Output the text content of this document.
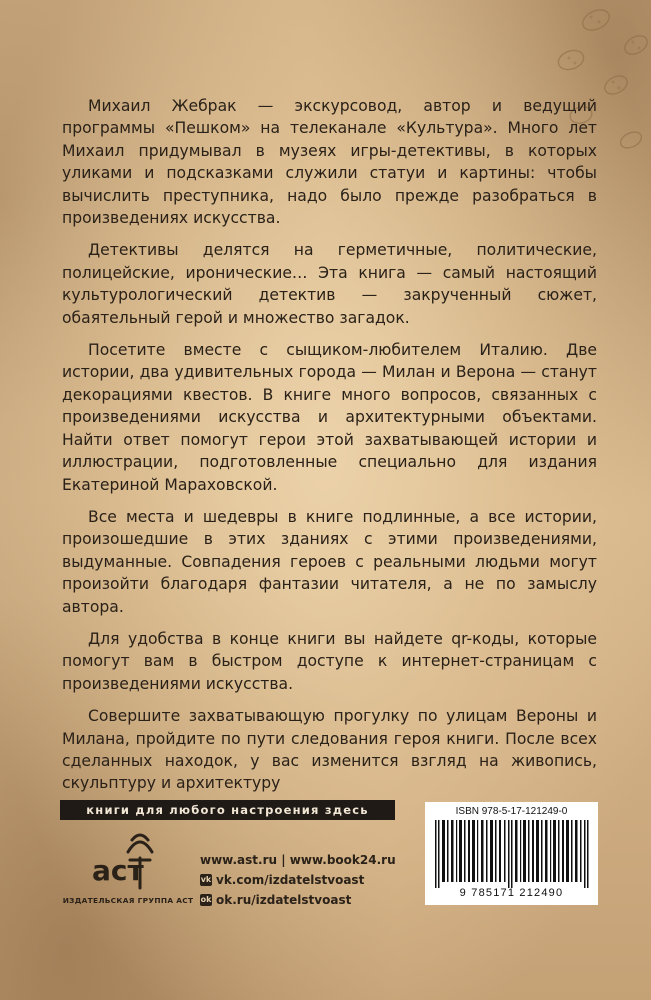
Михаил Жебрак — экскурсовод, автор и ведущий программы «Пешком» на телеканале «Культура». Много лет Михаил придумывал в музеях игры-детективы, в которых уликами и подсказками служили статуи и картины: чтобы вычислить преступника, надо было прежде разобраться в произведениях искусства.

Детективы делятся на герметичные, политические, полицейские, иронические… Эта книга — самый настоящий культурологический детектив — закрученный сюжет, обаятельный герой и множество загадок.

Посетите вместе с сыщиком-любителем Италию. Две истории, два удивительных города — Милан и Верона — станут декорациями квестов. В книге много вопросов, связанных с произведениями искусства и архитектурными объектами. Найти ответ помогут герои этой захватывающей истории и иллюстрации, подготовленные специально для издания Екатериной Мараховской.

Все места и шедевры в книге подлинные, а все истории, произошедшие в этих зданиях с этими произведениями, выдуманные. Совпадения героев с реальными людьми могут произойти благодаря фантазии читателя, а не по замыслу автора.

Для удобства в конце книги вы найдете qr-коды, которые помогут вам в быстром доступе к интернет-страницам с произведениями искусства.

Совершите захватывающую прогулку по улицам Вероны и Милана, пройдите по пути следования героя книги. После всех сделанных находок, у вас изменится взгляд на живопись, скульптуру и архитектуру

книги для любого настроения здесь
аст
ИЗДАТЕЛЬСКАЯ ГРУППА АСТ
www.ast.ru | www.book24.ru
vk vk.com/izdatelstvoast
ok ok.ru/izdatelstvoast
ISBN 978-5-17-121249-0
9 785171 212490
